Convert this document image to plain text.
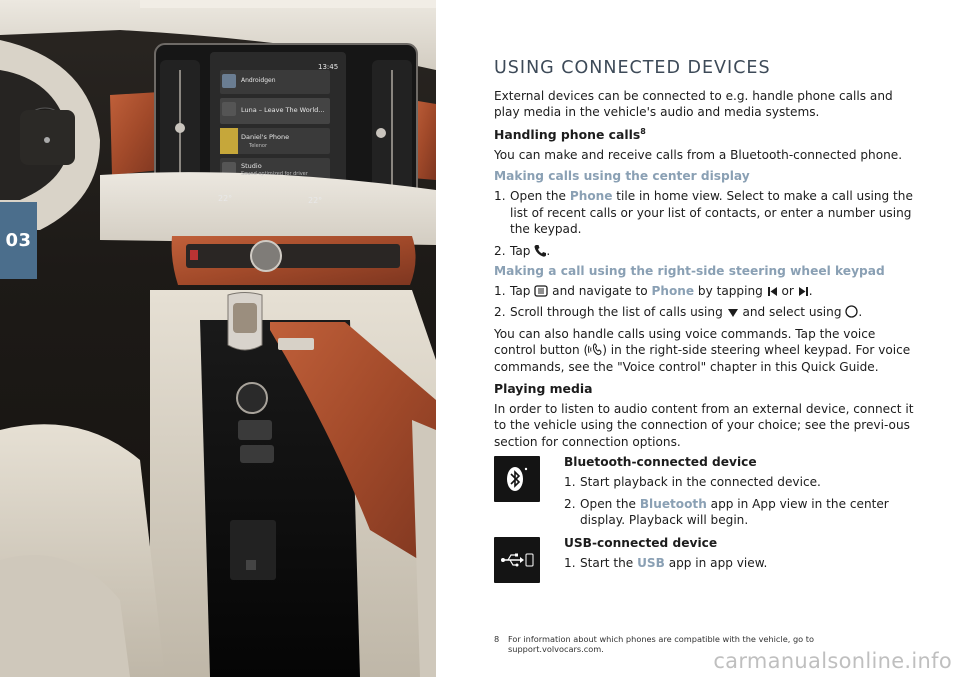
13:45
Androidgen
Luna – Leave The World...
Daniel's Phone
Telenor
Studio
Sound optimized for driver
22°	22°
03
USING CONNECTED DEVICES

External devices can be connected to e.g. handle phone calls and play media in the vehicle's audio and media systems.

Handling phone calls$^8$

You can make and receive calls from a Bluetooth-connected phone.

Making calls using the center display
1. Open the Phone tile in home view. Select to make a call using the list of recent calls or your list of contacts, or enter a number using the keypad.
2. Tap .
Making a call using the right-side steering wheel keypad
1. Tap  and navigate to Phone by tapping  or .
2. Scroll through the list of calls using  and select using .

You can also handle calls using voice commands. Tap the voice control button ( ) in the right-side steering wheel keypad. For voice commands, see the "Voice control" chapter in this Quick Guide.

Playing media

In order to listen to audio content from an external device, connect it to the vehicle using the connection of your choice; see the previ-ous section for connection options.

Bluetooth-connected device
1. Start playback in the connected device.
2. Open the Bluetooth app in App view in the center display. Playback will begin.
USB-connected device
1. Start the USB app in app view.
8	For information about which phones are compatible with the vehicle, go to support.volvocars.com.	carmanualsonline.info
